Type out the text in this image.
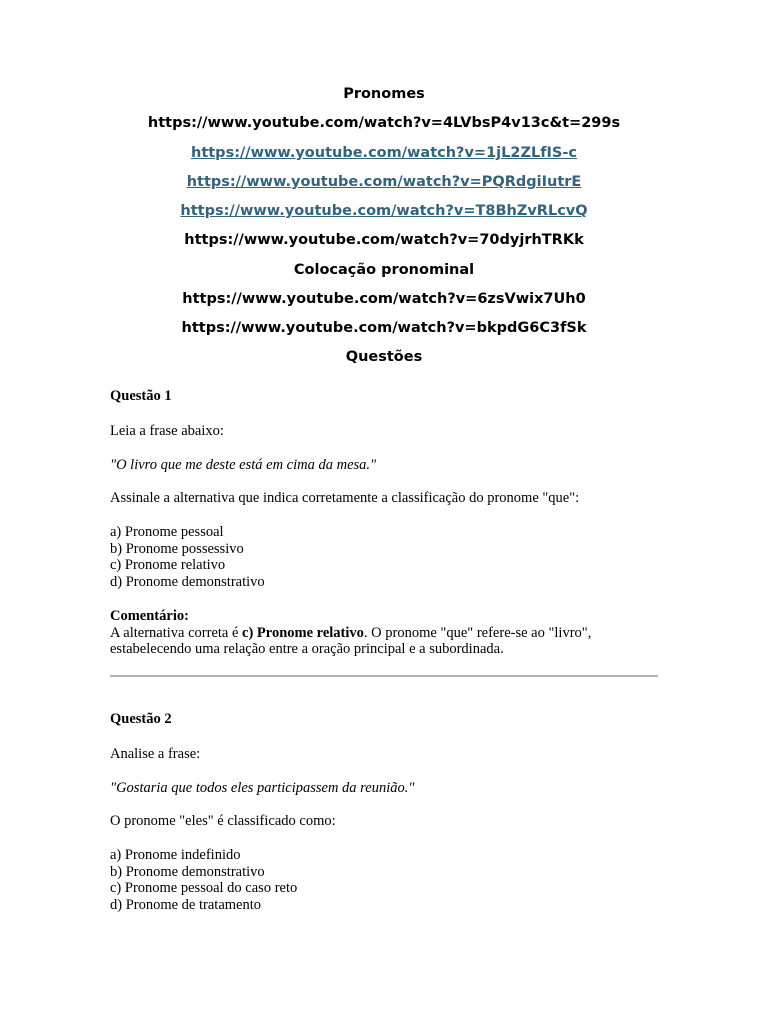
Pronomes
https://www.youtube.com/watch?v=4LVbsP4v13c&t=299s
https://www.youtube.com/watch?v=1jL2ZLfIS-c
https://www.youtube.com/watch?v=PQRdgiIutrE
https://www.youtube.com/watch?v=T8BhZvRLcvQ
https://www.youtube.com/watch?v=70dyjrhTRKk
Colocação pronominal
https://www.youtube.com/watch?v=6zsVwix7Uh0
https://www.youtube.com/watch?v=bkpdG6C3fSk
Questões
Questão 1
Leia a frase abaixo:
"O livro que me deste está em cima da mesa."
Assinale a alternativa que indica corretamente a classificação do pronome "que":
a) Pronome pessoal
b) Pronome possessivo
c) Pronome relativo
d) Pronome demonstrativo
Comentário:
A alternativa correta é c) Pronome relativo. O pronome "que" refere-se ao "livro",
estabelecendo uma relação entre a oração principal e a subordinada.
Questão 2
Analise a frase:
"Gostaria que todos eles participassem da reunião."
O pronome "eles" é classificado como:
a) Pronome indefinido
b) Pronome demonstrativo
c) Pronome pessoal do caso reto
d) Pronome de tratamento
